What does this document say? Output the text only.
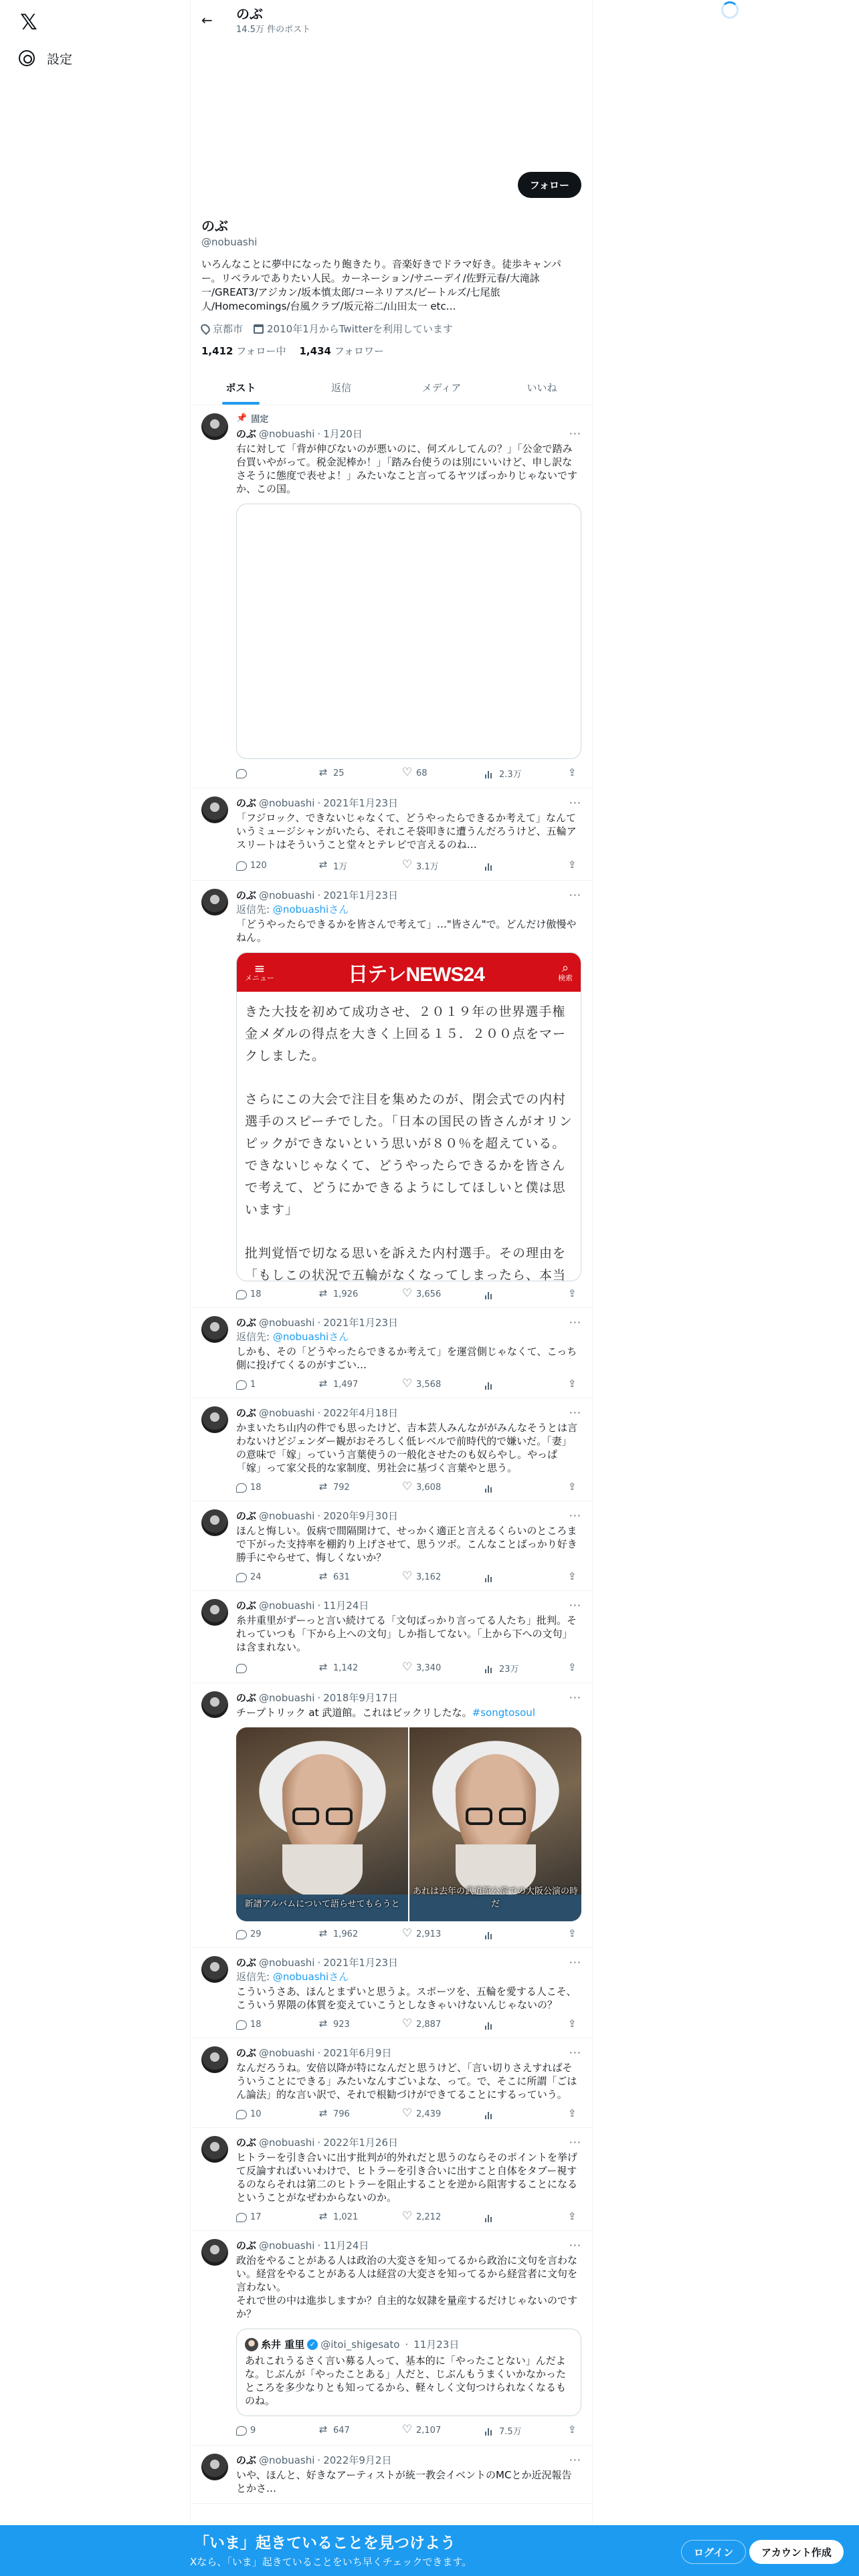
𝕏
設定
←	のぶ
14.5万 件のポスト
フォロー
のぶ
@nobuashi
いろんなことに夢中になったり飽きたり。音楽好きでドラマ好き。徒歩キャンパー。リベラルでありたい人民。カーネーション/サニーデイ/佐野元春/大滝詠一/GREAT3/アジカン/坂本慎太郎/コーネリアス/ビートルズ/七尾旅人/Homecomings/台風クラブ/坂元裕二/山田太一 etc…
京都市 2010年1月からTwitterを利用しています
1,412 フォロー中 1,434 フォロワー
ポスト	返信	メディア	いいね
📌 固定
のぶ @nobuashi · 1月20日	···
右に対して「背が伸びないのが悪いのに、何ズルしてんの？」「公金で踏み台買いやがって。税金泥棒か！」「踏み台使うのは別にいいけど、申し訳なさそうに態度で表せよ！」みたいなこと言ってるヤツばっかりじゃないですか、この国。
⇅
25 ♡	68	2.3万
⇪
のぶ @nobuashi · 2021年1月23日	···
「フジロック、できないじゃなくて、どうやったらできるか考えて」なんていうミュージシャンがいたら、それこそ袋叩きに遭うんだろうけど、五輪アスリートはそういうこと堂々とテレビで言えるのね…
120 ⇅	1万 ♡	3.1万
⇪
のぶ @nobuashi · 2021年1月23日	···
返信先: @nobuashiさん
「どうやったらできるかを皆さんで考えて」…"皆さん"で。どんだけ傲慢やねん。
≡
メニュー	日テレNEWS24	⌕
検索

きた大技を初めて成功させ、２０１９年の世界選手権金メダルの得点を大きく上回る１５．２００点をマークしました。

さらにこの大会で注目を集めたのが、閉会式での内村選手のスピーチでした。「日本の国民の皆さんがオリンピックができないという思いが８０％を超えている。できないじゃなくて、どうやったらできるかを皆さんで考えて、どうにかできるようにしてほしいと僕は思います」

批判覚悟で切なる思いを訴えた内村選手。その理由を「もしこの状況で五輪がなくなってしまったら、本当

18 ⇅	1,926 ♡	3,656
⇪
のぶ @nobuashi · 2021年1月23日	···
返信先: @nobuashiさん
しかも、その「どうやったらできるか考えて」を運営側じゃなくて、こっち側に投げてくるのがすごい…
1 ⇅	1,497 ♡	3,568
⇪
のぶ @nobuashi · 2022年4月18日	···
かまいたち山内の件でも思ったけど、吉本芸人みんなががみんなそうとは言わないけどジェンダー観がおそろしく低レベルで前時代的で嫌いだ。「妻」の意味で「嫁」っていう言葉使うの一般化させたのも奴らやし。やっぱ「嫁」って家父長的な家制度、男社会に基づく言葉やと思う。
18 ⇅	792 ♡	3,608
⇪
のぶ @nobuashi · 2020年9月30日	···
ほんと悔しい。仮病で間隔開けて、せっかく適正と言えるくらいのところまで下がった支持率を棚釣り上げさせて、思うツボ。こんなことばっかり好き勝手にやらせて、悔しくないか？
24 ⇅	631 ♡	3,162
⇪
のぶ @nobuashi · 11月24日	···
糸井重里がずーっと言い続けてる「文句ばっかり言ってる人たち」批判。それっていつも「下から上への文句」しか指してない。「上から下への文句」は含まれない。
⇅
1,142 ♡	3,340	23万
⇪
のぶ @nobuashi · 2018年9月17日	···
チープトリック at 武道館。これはビックリしたな。#songtosoul
新譜アルバムについて語らせてもらうと
あれは去年の武道館公演での大阪公演の時だ
29 ⇅	1,962 ♡	2,913
⇪
のぶ @nobuashi · 2021年1月23日	···
返信先: @nobuashiさん
こういうさあ、ほんとまずいと思うよ。スポーツを、五輪を愛する人こそ、こういう界隈の体質を変えていこうとしなきゃいけないんじゃないの？
18 ⇅	923 ♡	2,887
⇪
のぶ @nobuashi · 2021年6月9日	···
なんだろうね。安倍以降が特になんだと思うけど、「言い切りさえすればそういうことにできる」みたいなんすごいよな、って。で、そこに所謂「ごはん論法」的な言い訳で、それで根勧づけができてることにするっていう。
10 ⇅	796 ♡	2,439
⇪
のぶ @nobuashi · 2022年1月26日	···
ヒトラーを引き合いに出す批判が的外れだと思うのならそのポイントを挙げて反論すればいいわけで、ヒトラーを引き合いに出すこと自体をタブー視するのならそれは第二のヒトラーを阻止することを逆から阻害することになるということがなぜわからないのか。
17 ⇅	1,021 ♡	2,212
⇪
のぶ @nobuashi · 11月24日	···
政治をやることがある人は政治の大変さを知ってるから政治に文句を言わない。経営をやることがある人は経営の大変さを知ってるから経営者に文句を言わない。
それで世の中は進歩しますか？自主的な奴隷を量産するだけじゃないのですか？
糸井 重里 ✓ @itoi_shigesato · 11月23日
あれこれうるさく言い募る人って、基本的に「やったことない」んだよな。じぶんが「やったことある」人だと、じぶんもうまくいかなかったところを多少なりとも知ってるから、軽々しく文句つけられなくなるものね。
9 ⇅	647 ♡	2,107	7.5万
⇪
のぶ @nobuashi · 2022年9月2日	···
いや、ほんと、好きなアーティストが統一教会イベントのMCとか近況報告とかさ…
「いま」起きていることを見つけよう
Xなら、「いま」起きていることをいち早くチェックできます。
ログイン	アカウント作成
